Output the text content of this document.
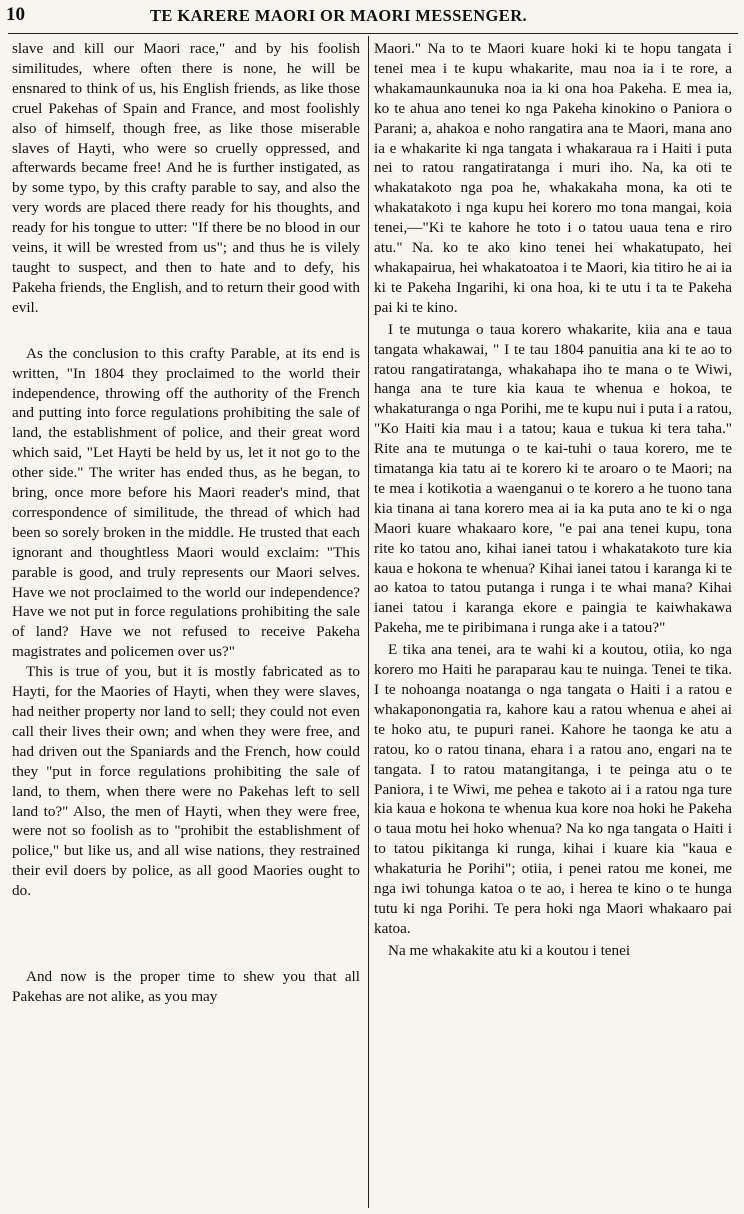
10	TE KARERE MAORI OR MAORI MESSENGER.

slave and kill our Maori race," and by his foolish similitudes, where often there is none, he will be ensnared to think of us, his English friends, as like those cruel Pakehas of Spain and France, and most foolishly also of himself, though free, as like those miserable slaves of Hayti, who were so cruelly oppressed, and afterwards became free! And he is further instigated, as by some typo, by this crafty parable to say, and also the very words are placed there ready for his thoughts, and ready for his tongue to utter: "If there be no blood in our veins, it will be wrested from us"; and thus he is vilely taught to suspect, and then to hate and to defy, his Pakeha friends, the English, and to return their good with evil.

As the conclusion to this crafty Parable, at its end is written, "In 1804 they proclaimed to the world their independence, throwing off the authority of the French and putting into force regulations prohibiting the sale of land, the establishment of police, and their great word which said, "Let Hayti be held by us, let it not go to the other side." The writer has ended thus, as he began, to bring, once more before his Maori reader's mind, that correspondence of similitude, the thread of which had been so sorely broken in the middle. He trusted that each ignorant and thoughtless Maori would exclaim: "This parable is good, and truly represents our Maori selves. Have we not proclaimed to the world our independence? Have we not put in force regulations prohibiting the sale of land? Have we not refused to receive Pakeha magistrates and policemen over us?"

This is true of you, but it is mostly fabricated as to Hayti, for the Maories of Hayti, when they were slaves, had neither property nor land to sell; they could not even call their lives their own; and when they were free, and had driven out the Spaniards and the French, how could they "put in force regulations prohibiting the sale of land, to them, when there were no Pakehas left to sell land to?" Also, the men of Hayti, when they were free, were not so foolish as to "prohibit the establishment of police," but like us, and all wise nations, they restrained their evil doers by police, as all good Maories ought to do.

And now is the proper time to shew you that all Pakehas are not alike, as you may

Maori." Na to te Maori kuare hoki ki te hopu tangata i tenei mea i te kupu whakarite, mau noa ia i te rore, a whakamaunkaunuka noa ia ki ona hoa Pakeha. E mea ia, ko te ahua ano tenei ko nga Pakeha kinokino o Paniora o Parani; a, ahakoa e noho rangatira ana te Maori, mana ano ia e whakarite ki nga tangata i whakaraua ra i Haiti i puta nei to ratou rangatiratanga i muri iho. Na, ka oti te whakatakoto nga poa he, whakakaha mona, ka oti te whakatakoto i nga kupu hei korero mo tona mangai, koia tenei,—"Ki te kahore he toto i o tatou uaua tena e riro atu." Na. ko te ako kino tenei hei whakatupato, hei whakapairua, hei whakatoatoa i te Maori, kia titiro he ai ia ki te Pakeha Ingarihi, ki ona hoa, ki te utu i ta te Pakeha pai ki te kino.

I te mutunga o taua korero whakarite, kiia ana e taua tangata whakawai, " I te tau 1804 panuitia ana ki te ao to ratou rangatiratanga, whakahapa iho te mana o te Wiwi, hanga ana te ture kia kaua te whenua e hokoa, te whakaturanga o nga Porihi, me te kupu nui i puta i a ratou, "Ko Haiti kia mau i a tatou; kaua e tukua ki tera taha." Rite ana te mutunga o te kai-tuhi o taua korero, me te timatanga kia tatu ai te korero ki te aroaro o te Maori; na te mea i kotikotia a waenganui o te korero a he tuono tana kia tinana ai tana korero mea ai ia ka puta ano te ki o nga Maori kuare whakaaro kore, "e pai ana tenei kupu, tona rite ko tatou ano, kihai ianei tatou i whakatakoto ture kia kaua e hokona te whenua? Kihai ianei tatou i karanga ki te ao katoa to tatou putanga i runga i te whai mana? Kihai ianei tatou i karanga ekore e paingia te kaiwhakawa Pakeha, me te piribimana i runga ake i a tatou?"

E tika ana tenei, ara te wahi ki a koutou, otiia, ko nga korero mo Haiti he paraparau kau te nuinga. Tenei te tika. I te nohoanga noatanga o nga tangata o Haiti i a ratou e whakaponongatia ra, kahore kau a ratou whenua e ahei ai te hoko atu, te pupuri ranei. Kahore he taonga ke atu a ratou, ko o ratou tinana, ehara i a ratou ano, engari na te tangata. I to ratou matangitanga, i te peinga atu o te Paniora, i te Wiwi, me pehea e takoto ai i a ratou nga ture kia kaua e hokona te whenua kua kore noa hoki he Pakeha o taua motu hei hoko whenua? Na ko nga tangata o Haiti i to tatou pikitanga ki runga, kihai i kuare kia "kaua e whakaturia he Porihi"; otiia, i penei ratou me konei, me nga iwi tohunga katoa o te ao, i herea te kino o te hunga tutu ki nga Porihi. Te pera hoki nga Maori whakaaro pai katoa.

Na me whakakite atu ki a koutou i tenei
